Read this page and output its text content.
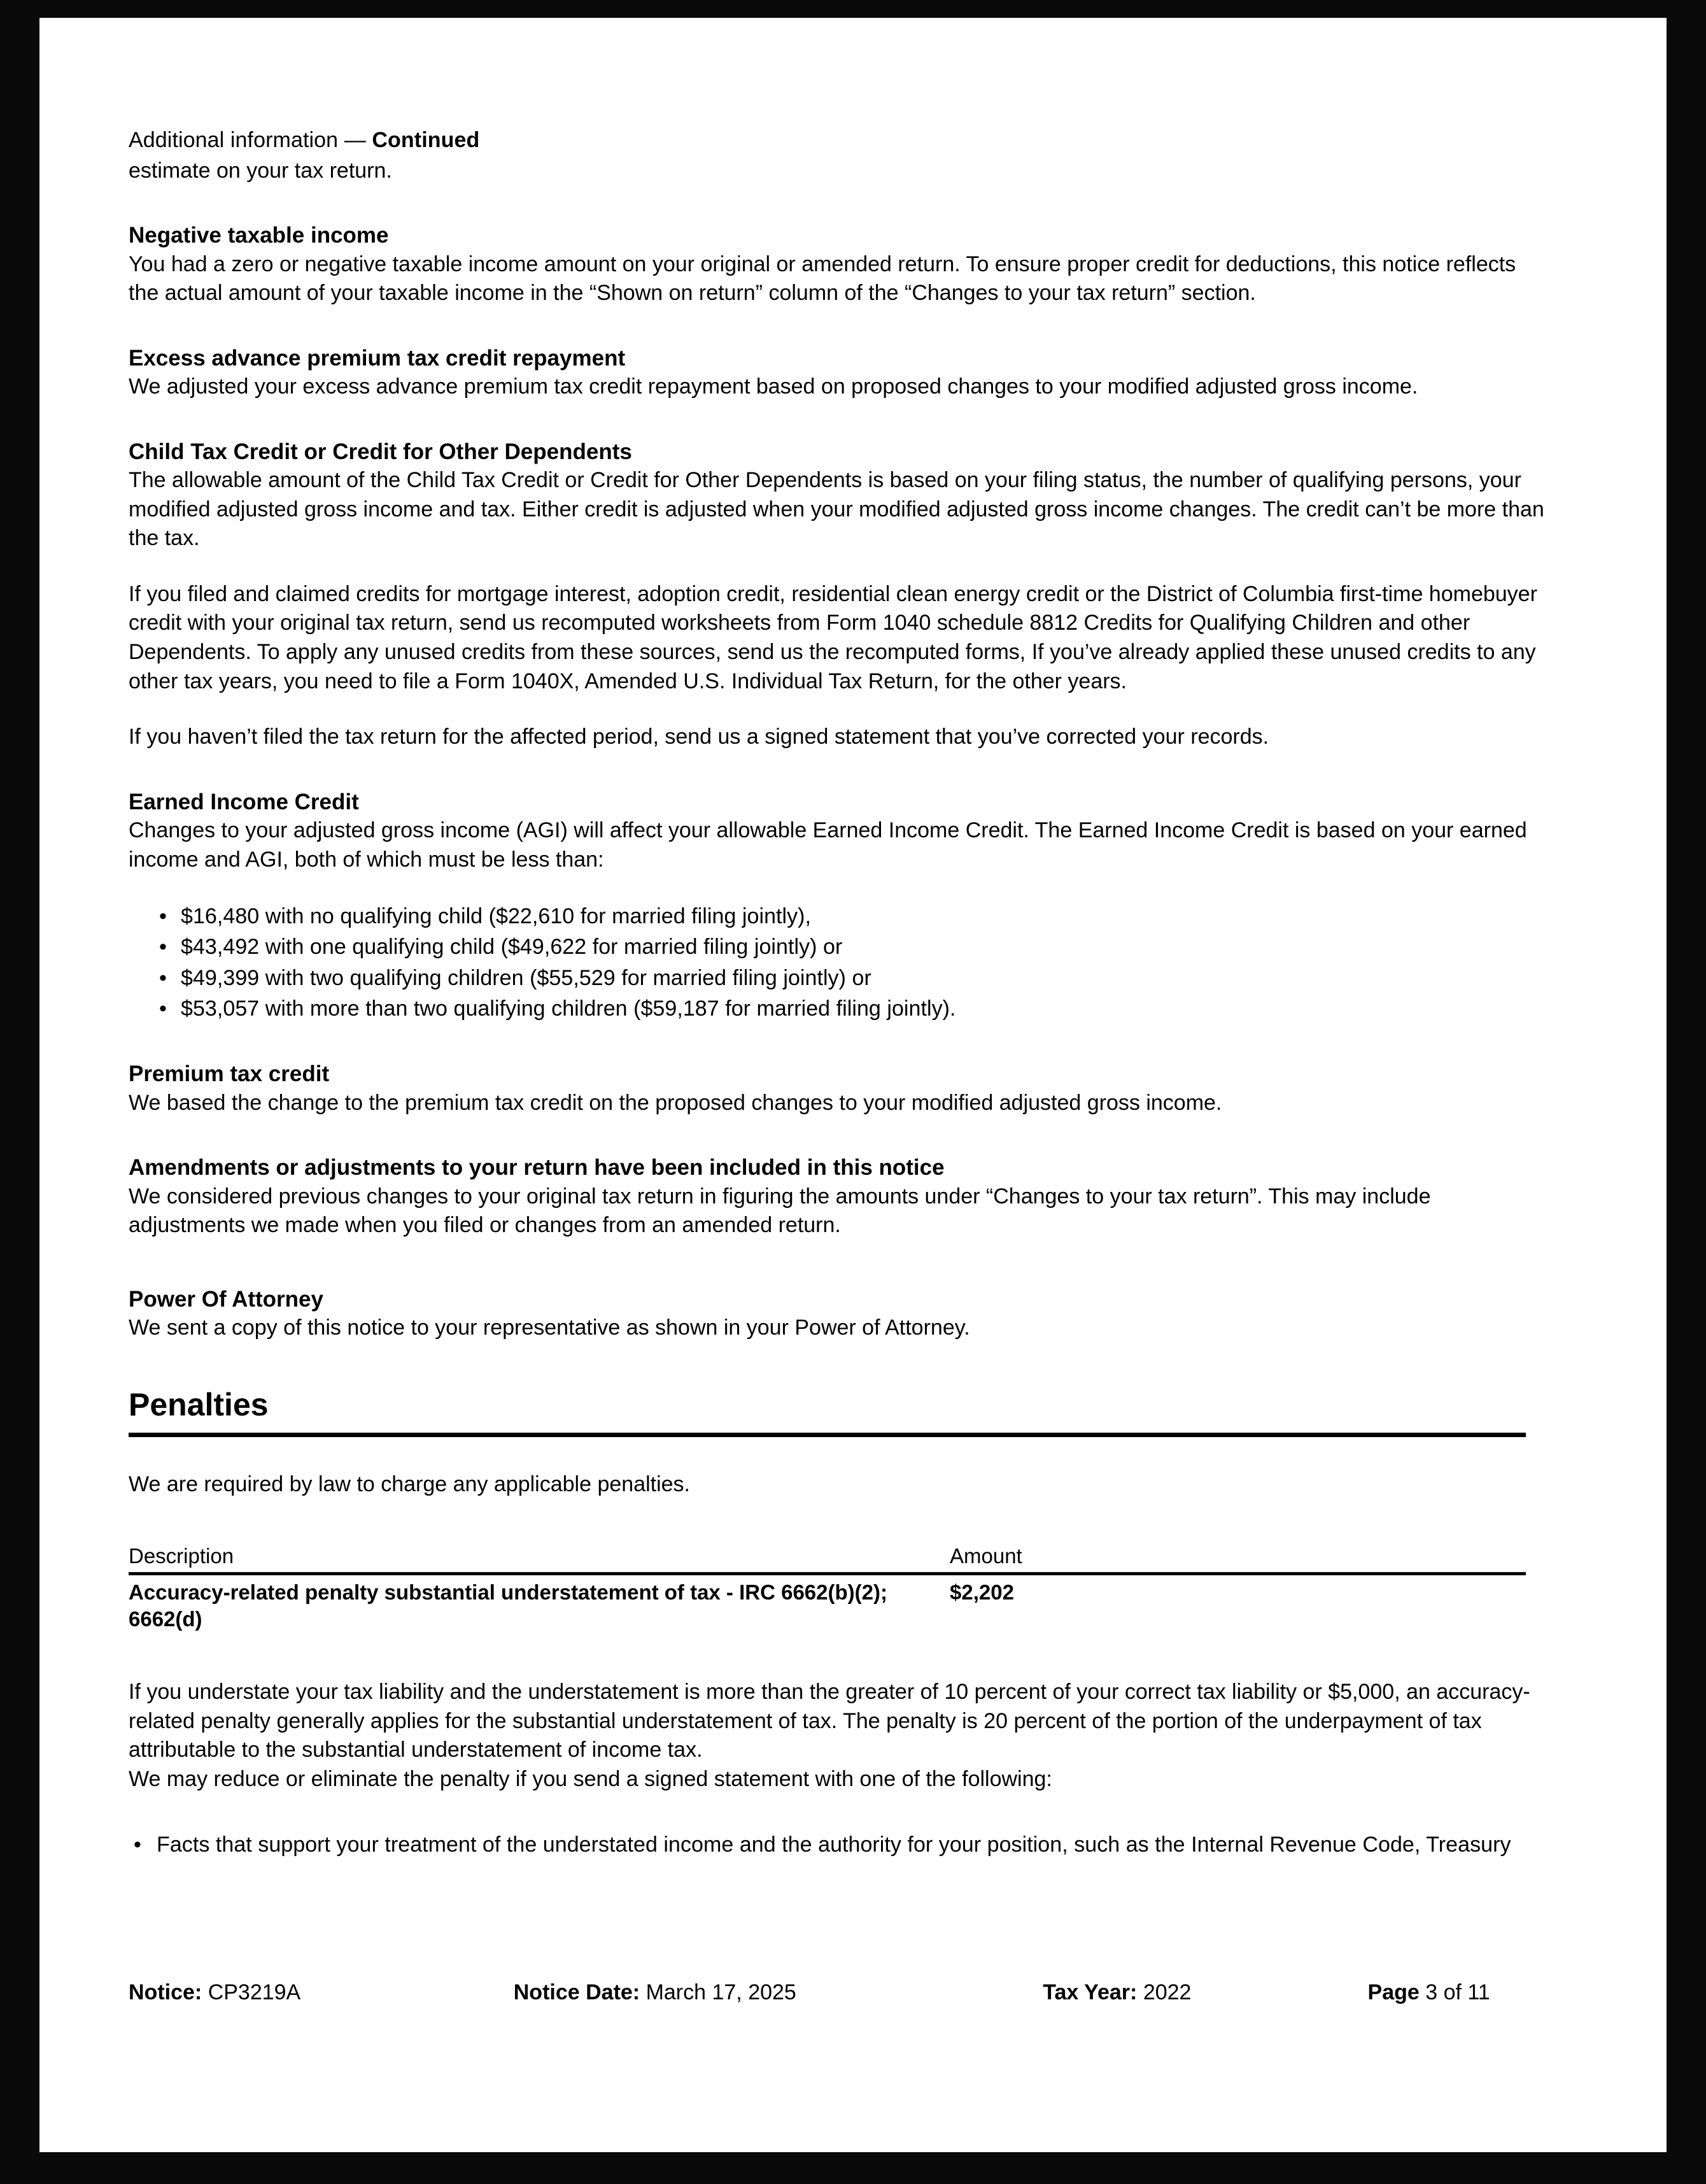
Additional information — Continued
estimate on your tax return.
Negative taxable income

You had a zero or negative taxable income amount on your original or amended return. To ensure proper credit for deductions, this notice reflects the actual amount of your taxable income in the “Shown on return” column of the “Changes to your tax return” section.

Excess advance premium tax credit repayment

We adjusted your excess advance premium tax credit repayment based on proposed changes to your modified adjusted gross income.

Child Tax Credit or Credit for Other Dependents

The allowable amount of the Child Tax Credit or Credit for Other Dependents is based on your filing status, the number of qualifying persons, your modified adjusted gross income and tax. Either credit is adjusted when your modified adjusted gross income changes. The credit can’t be more than the tax.

If you filed and claimed credits for mortgage interest, adoption credit, residential clean energy credit or the District of Columbia first-time homebuyer credit with your original tax return, send us recomputed worksheets from Form 1040 schedule 8812 Credits for Qualifying Children and other Dependents. To apply any unused credits from these sources, send us the recomputed forms, If you’ve already applied these unused credits to any other tax years, you need to file a Form 1040X, Amended U.S. Individual Tax Return, for the other years.

If you haven’t filed the tax return for the affected period, send us a signed statement that you’ve corrected your records.

Earned Income Credit

Changes to your adjusted gross income (AGI) will affect your allowable Earned Income Credit. The Earned Income Credit is based on your earned income and AGI, both of which must be less than:

• $16,480 with no qualifying child ($22,610 for married filing jointly),
• $43,492 with one qualifying child ($49,622 for married filing jointly) or
• $49,399 with two qualifying children ($55,529 for married filing jointly) or
• $53,057 with more than two qualifying children ($59,187 for married filing jointly).
Premium tax credit

We based the change to the premium tax credit on the proposed changes to your modified adjusted gross income.

Amendments or adjustments to your return have been included in this notice

We considered previous changes to your original tax return in figuring the amounts under “Changes to your tax return”. This may include adjustments we made when you filed or changes from an amended return.

Power Of Attorney

We sent a copy of this notice to your representative as shown in your Power of Attorney.

Penalties

We are required by law to charge any applicable penalties.

Description	Amount
Accuracy-related penalty substantial understatement of tax - IRC 6662(b)(2); 6662(d)	$2,202

If you understate your tax liability and the understatement is more than the greater of 10 percent of your correct tax liability or $5,000, an accuracy-related penalty generally applies for the substantial understatement of tax. The penalty is 20 percent of the portion of the underpayment of tax attributable to the substantial understatement of income tax.

We may reduce or eliminate the penalty if you send a signed statement with one of the following:

• Facts that support your treatment of the understated income and the authority for your position, such as the Internal Revenue Code, Treasury
Notice: CP3219A	Notice Date: March 17, 2025	Tax Year: 2022	Page 3 of 11
